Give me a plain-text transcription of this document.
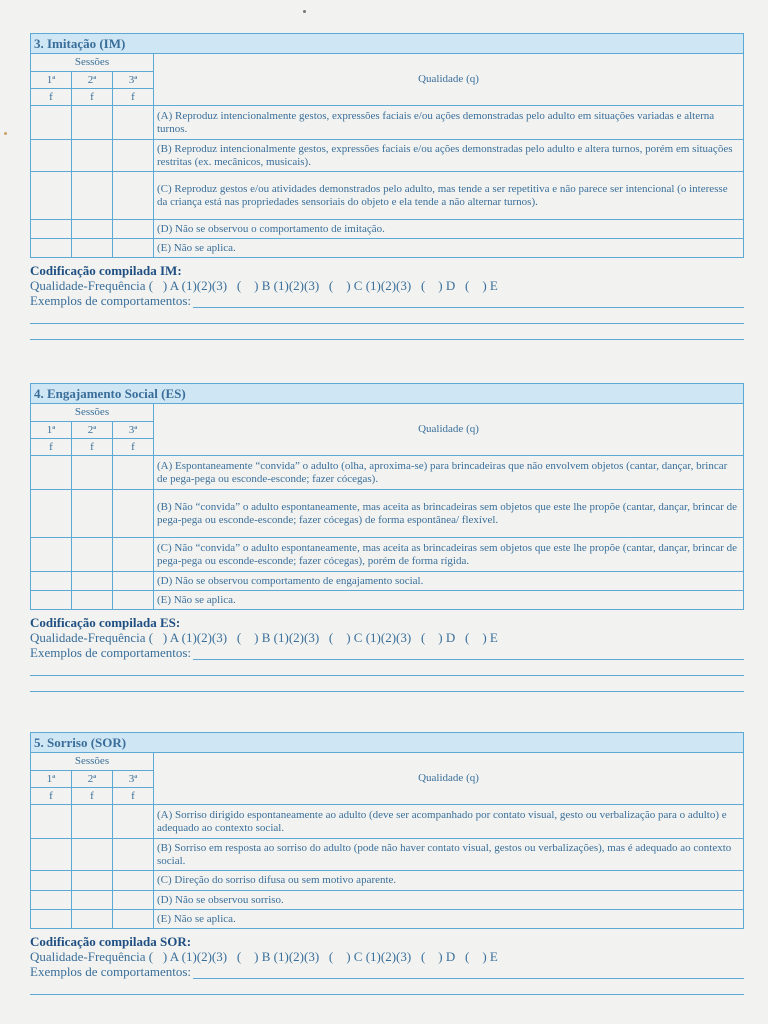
3. Imitação (IM)			
Sessões			Qualidade (q)
1ª	2ª	3ª	
f	f	f	
			(A) Reproduz intencionalmente gestos, expressões faciais e/ou ações demonstradas pelo adulto em situações variadas e alterna turnos.
			(B) Reproduz intencionalmente gestos, expressões faciais e/ou ações demonstradas pelo adulto e altera turnos, porém em situações restritas (ex. mecânicos, musicais).
			(C) Reproduz gestos e/ou atividades demonstrados pelo adulto, mas tende a ser repetitiva e não parece ser intencional (o interesse da criança está nas propriedades sensoriais do objeto e ela tende a não alternar turnos).
			(D) Não se observou o comportamento de imitação.
			(E) Não se aplica.
Codificação compilada IM:
Qualidade-Frequência (   ) A (1)(2)(3)   (    ) B (1)(2)(3)   (    ) C (1)(2)(3)   (    ) D   (    ) E
Exemplos de comportamentos:
4. Engajamento Social (ES)			
Sessões			Qualidade (q)
1ª	2ª	3ª	
f	f	f	
			(A) Espontaneamente “convida” o adulto (olha, aproxima-se) para brincadeiras que não envolvem objetos (cantar, dançar, brincar de pega-pega ou esconde-esconde; fazer cócegas).
			(B) Não “convida” o adulto espontaneamente, mas aceita as brincadeiras sem objetos que este lhe propõe (cantar, dançar, brincar de pega-pega ou esconde-esconde; fazer cócegas) de forma espontânea/ flexível.
			(C) Não “convida” o adulto espontaneamente, mas aceita as brincadeiras sem objetos que este lhe propõe (cantar, dançar, brincar de pega-pega ou esconde-esconde; fazer cócegas), porém de forma rígida.
			(D) Não se observou comportamento de engajamento social.
			(E) Não se aplica.
Codificação compilada ES:
Qualidade-Frequência (   ) A (1)(2)(3)   (    ) B (1)(2)(3)   (    ) C (1)(2)(3)   (    ) D   (    ) E
Exemplos de comportamentos:
5. Sorriso (SOR)			
Sessões			Qualidade (q)
1ª	2ª	3ª	
f	f	f	
			(A) Sorriso dirigido espontaneamente ao adulto (deve ser acompanhado por contato visual, gesto ou verbalização para o adulto) e adequado ao contexto social.
			(B) Sorriso em resposta ao sorriso do adulto (pode não haver contato visual, gestos ou verbalizações), mas é adequado ao contexto social.
			(C) Direção do sorriso difusa ou sem motivo aparente.
			(D) Não se observou sorriso.
			(E) Não se aplica.
Codificação compilada SOR:
Qualidade-Frequência (   ) A (1)(2)(3)   (    ) B (1)(2)(3)   (    ) C (1)(2)(3)   (    ) D   (    ) E
Exemplos de comportamentos:
